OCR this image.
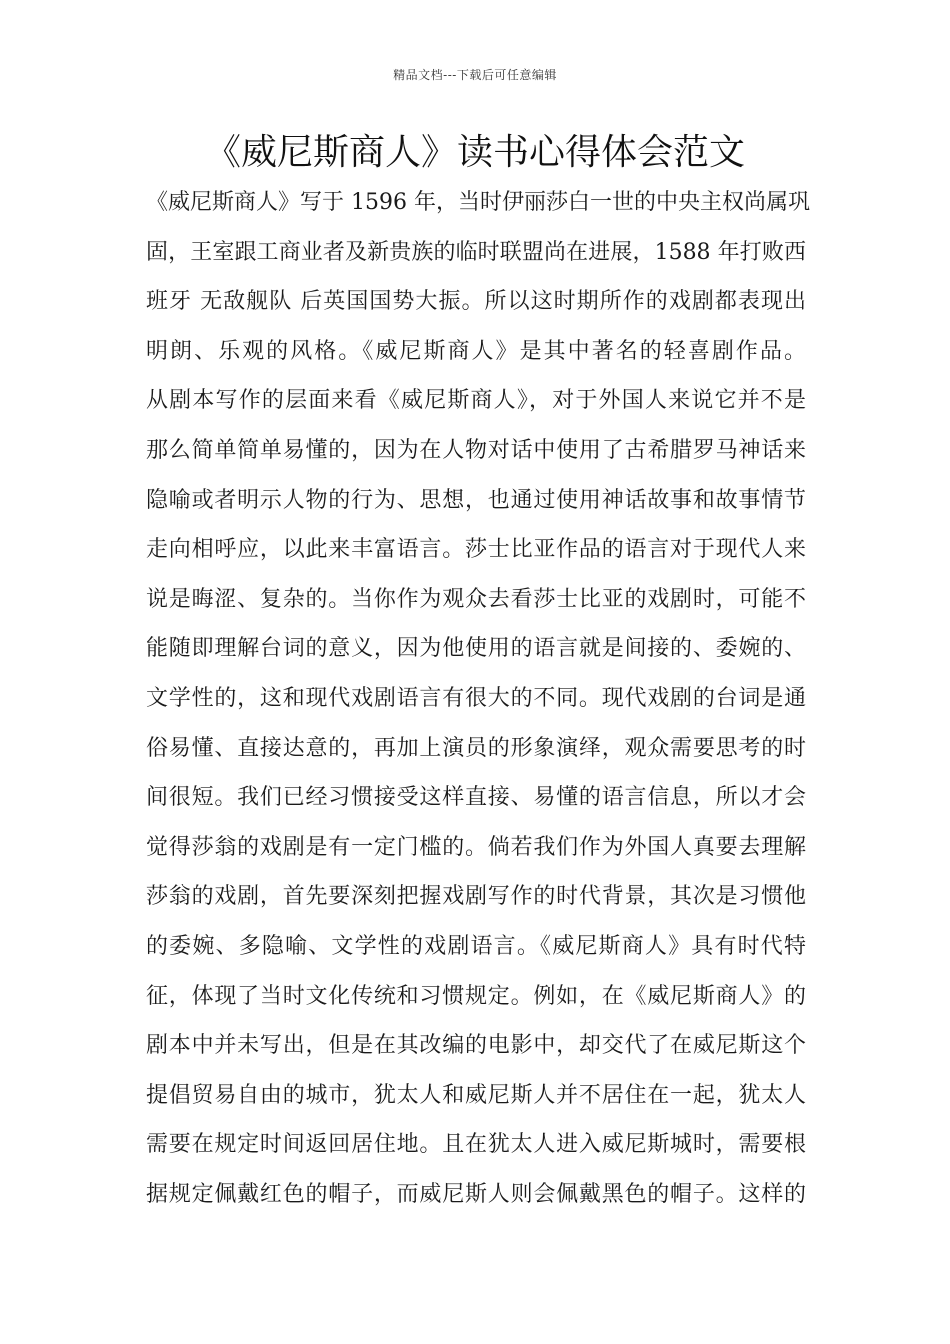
精品文档---下载后可任意编辑
《威尼斯商人》读书心得体会范文
《威尼斯商人》写于 1596 年，当时伊丽莎白一世的中央主权尚属巩
固，王室跟工商业者及新贵族的临时联盟尚在进展，1588 年打败西
班牙 无敌舰队 后英国国势大振。所以这时期所作的戏剧都表现出
明朗、乐观的风格。《威尼斯商人》是其中著名的轻喜剧作品。
从剧本写作的层面来看《威尼斯商人》，对于外国人来说它并不是
那么简单简单易懂的，因为在人物对话中使用了古希腊罗马神话来
隐喻或者明示人物的行为、思想，也通过使用神话故事和故事情节
走向相呼应，以此来丰富语言。莎士比亚作品的语言对于现代人来
说是晦涩、复杂的。当你作为观众去看莎士比亚的戏剧时，可能不
能随即理解台词的意义，因为他使用的语言就是间接的、委婉的、
文学性的，这和现代戏剧语言有很大的不同。现代戏剧的台词是通
俗易懂、直接达意的，再加上演员的形象演绎，观众需要思考的时
间很短。我们已经习惯接受这样直接、易懂的语言信息，所以才会
觉得莎翁的戏剧是有一定门槛的。倘若我们作为外国人真要去理解
莎翁的戏剧，首先要深刻把握戏剧写作的时代背景，其次是习惯他
的委婉、多隐喻、文学性的戏剧语言。《威尼斯商人》具有时代特
征，体现了当时文化传统和习惯规定。例如，在《威尼斯商人》的
剧本中并未写出，但是在其改编的电影中，却交代了在威尼斯这个
提倡贸易自由的城市，犹太人和威尼斯人并不居住在一起，犹太人
需要在规定时间返回居住地。且在犹太人进入威尼斯城时，需要根
据规定佩戴红色的帽子，而威尼斯人则会佩戴黑色的帽子。这样的
